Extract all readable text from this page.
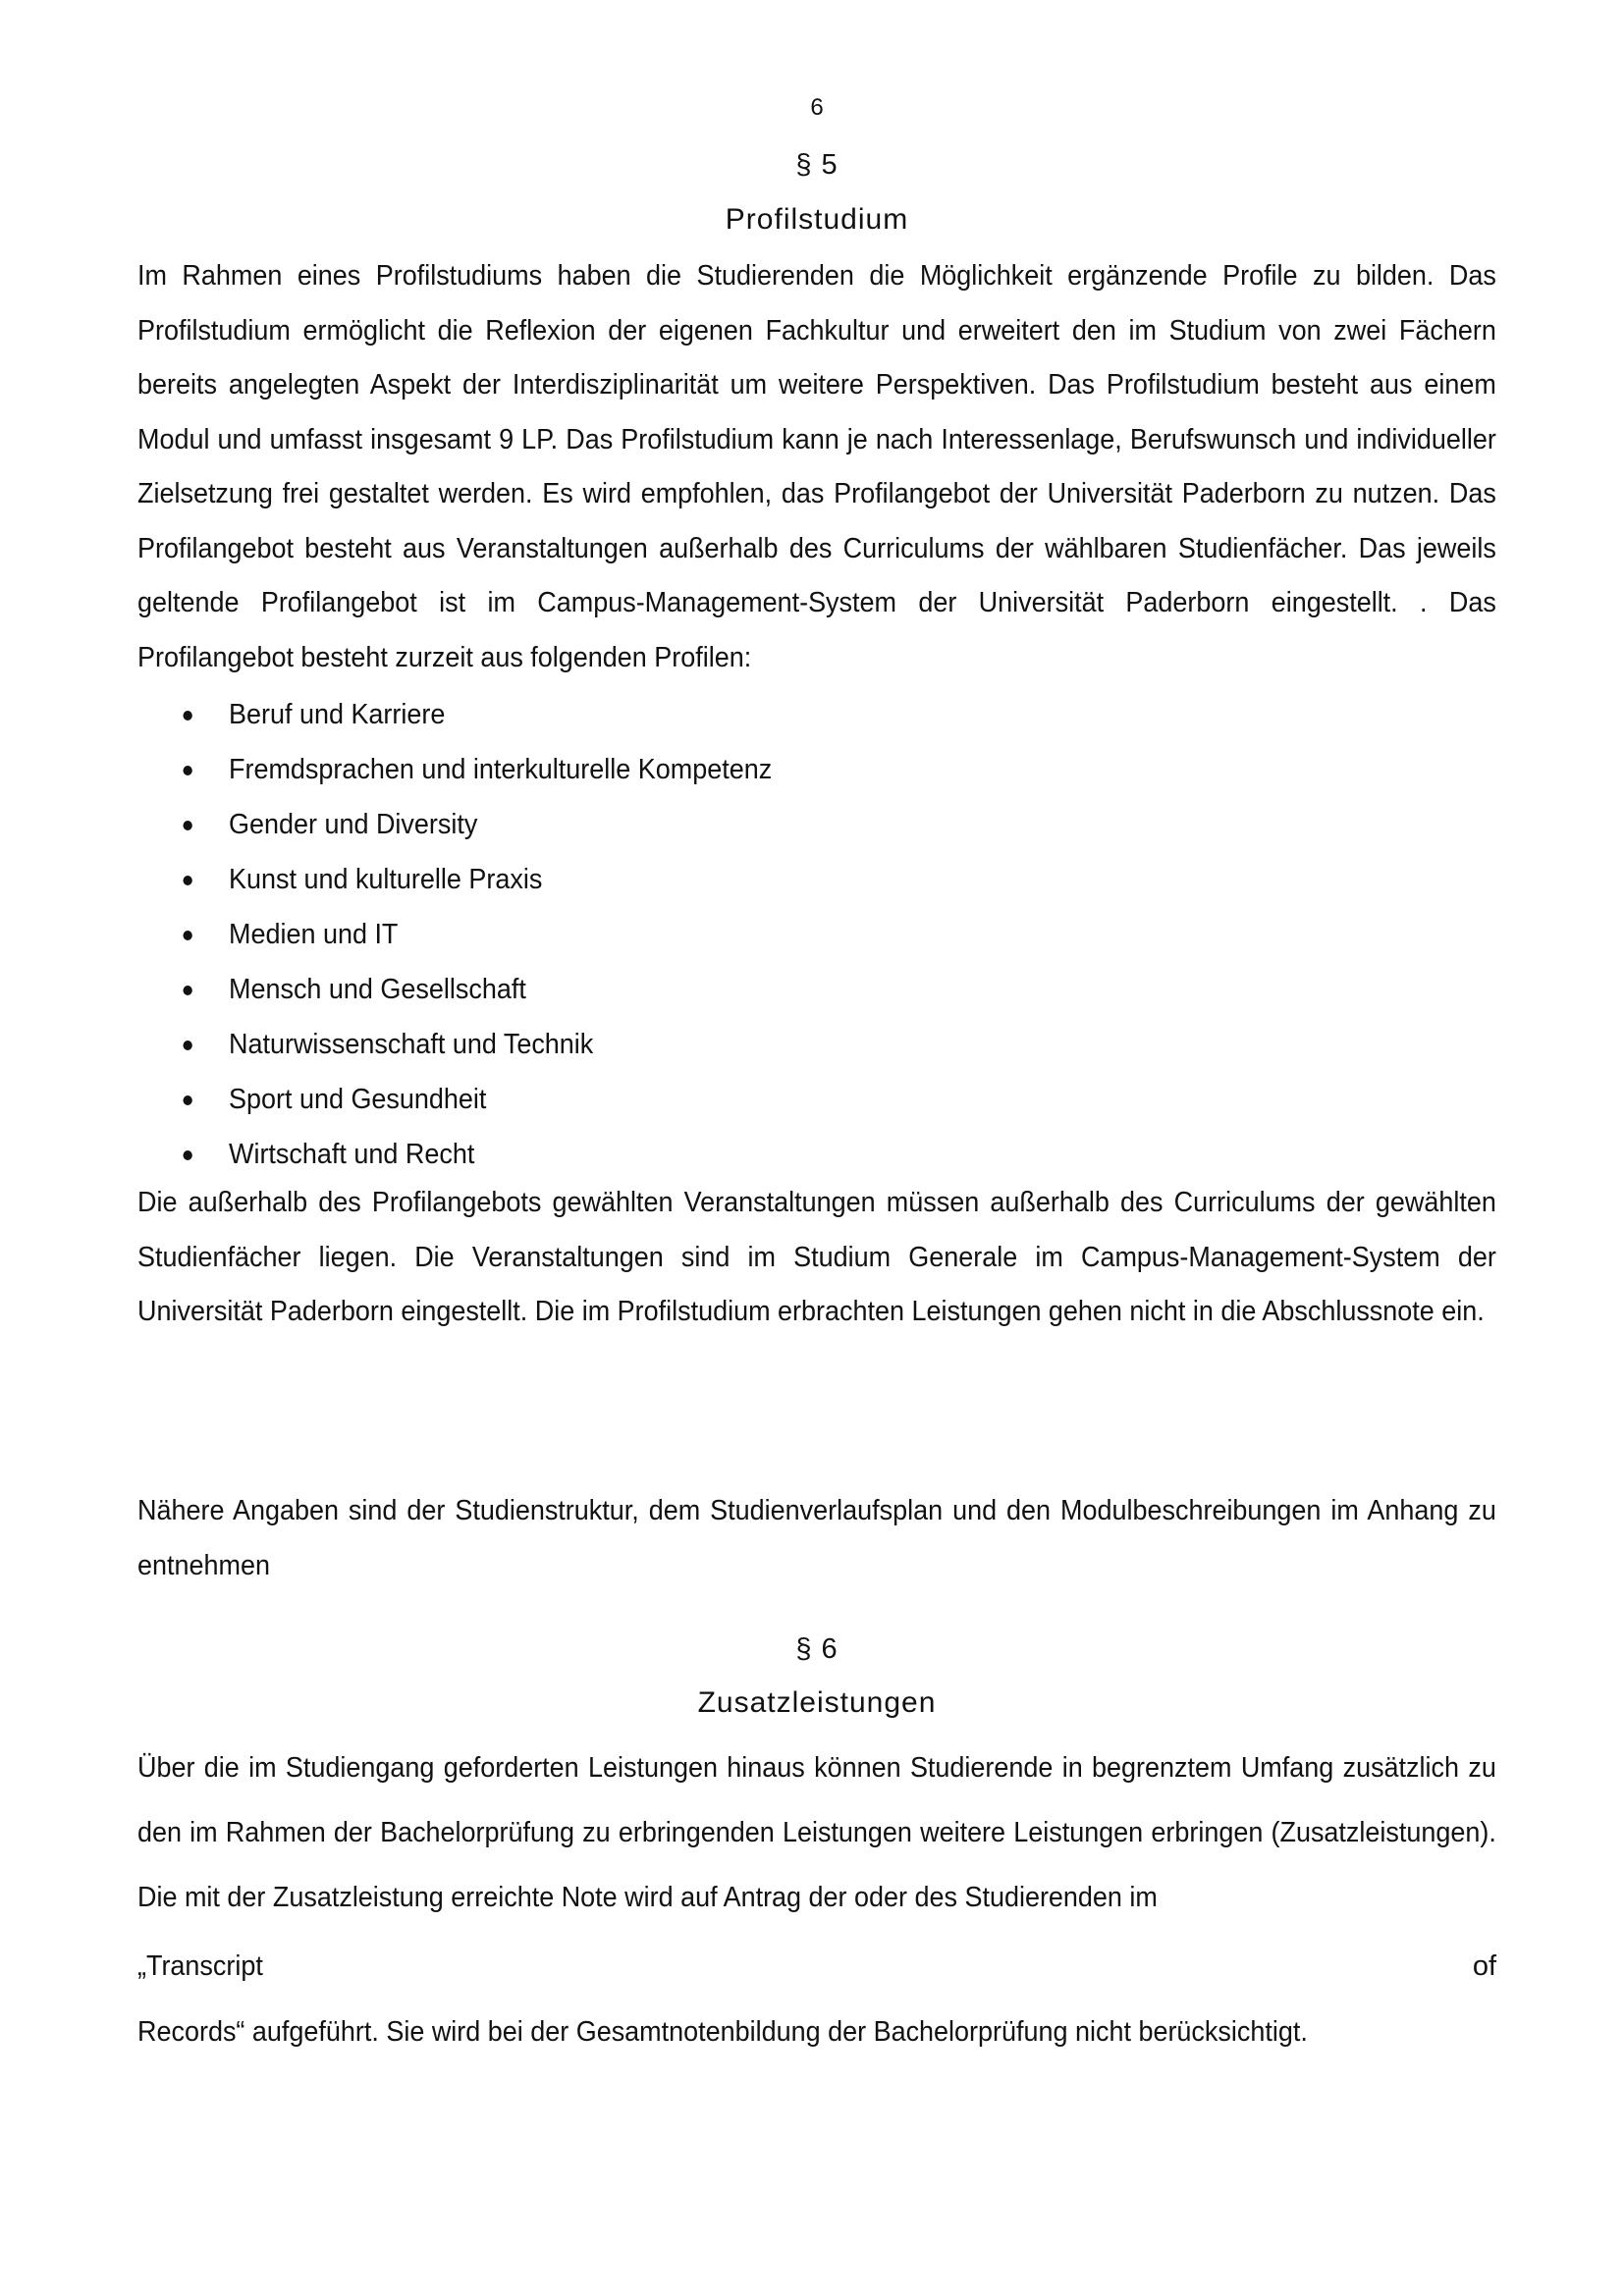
6
§ 5
Profilstudium
Im Rahmen eines Profilstudiums haben die Studierenden die Möglichkeit ergänzende Profile zu bilden. Das Profilstudium ermöglicht die Reflexion der eigenen Fachkultur und erweitert den im Studium von zwei Fächern bereits angelegten Aspekt der Interdisziplinarität um weitere Perspektiven. Das Profilstudium besteht aus einem Modul und umfasst insgesamt 9 LP. Das Profilstudium kann je nach Interessenlage, Berufswunsch und individueller Zielsetzung frei gestaltet werden. Es wird empfohlen, das Profilangebot der Universität Paderborn zu nutzen. Das Profilangebot besteht aus Veranstaltungen außerhalb des Curriculums der wählbaren Studienfächer. Das jeweils geltende Profilangebot ist im Campus-Management-System der Universität Paderborn eingestellt. . Das Profilangebot besteht zurzeit aus folgenden Profilen:
Beruf und Karriere
Fremdsprachen und interkulturelle Kompetenz
Gender und Diversity
Kunst und kulturelle Praxis
Medien und IT
Mensch und Gesellschaft
Naturwissenschaft und Technik
Sport und Gesundheit
Wirtschaft und Recht
Die außerhalb des Profilangebots gewählten Veranstaltungen müssen außerhalb des Curriculums der gewählten Studienfächer liegen. Die Veranstaltungen sind im Studium Generale im Campus-Management-System der Universität Paderborn eingestellt. Die im Profilstudium erbrachten Leistungen gehen nicht in die Abschlussnote ein.
Nähere Angaben sind der Studienstruktur, dem Studienverlaufsplan und den Modulbeschreibungen im Anhang zu entnehmen
§ 6
Zusatzleistungen
Über die im Studiengang geforderten Leistungen hinaus können Studierende in begrenztem Umfang zusätzlich zu den im Rahmen der Bachelorprüfung zu erbringenden Leistungen weitere Leistungen erbringen (Zusatzleistungen). Die mit der Zusatzleistung erreichte Note wird auf Antrag der oder des Studierenden im
„Transcript	of
Records“ aufgeführt. Sie wird bei der Gesamtnotenbildung der Bachelorprüfung nicht berücksichtigt.
